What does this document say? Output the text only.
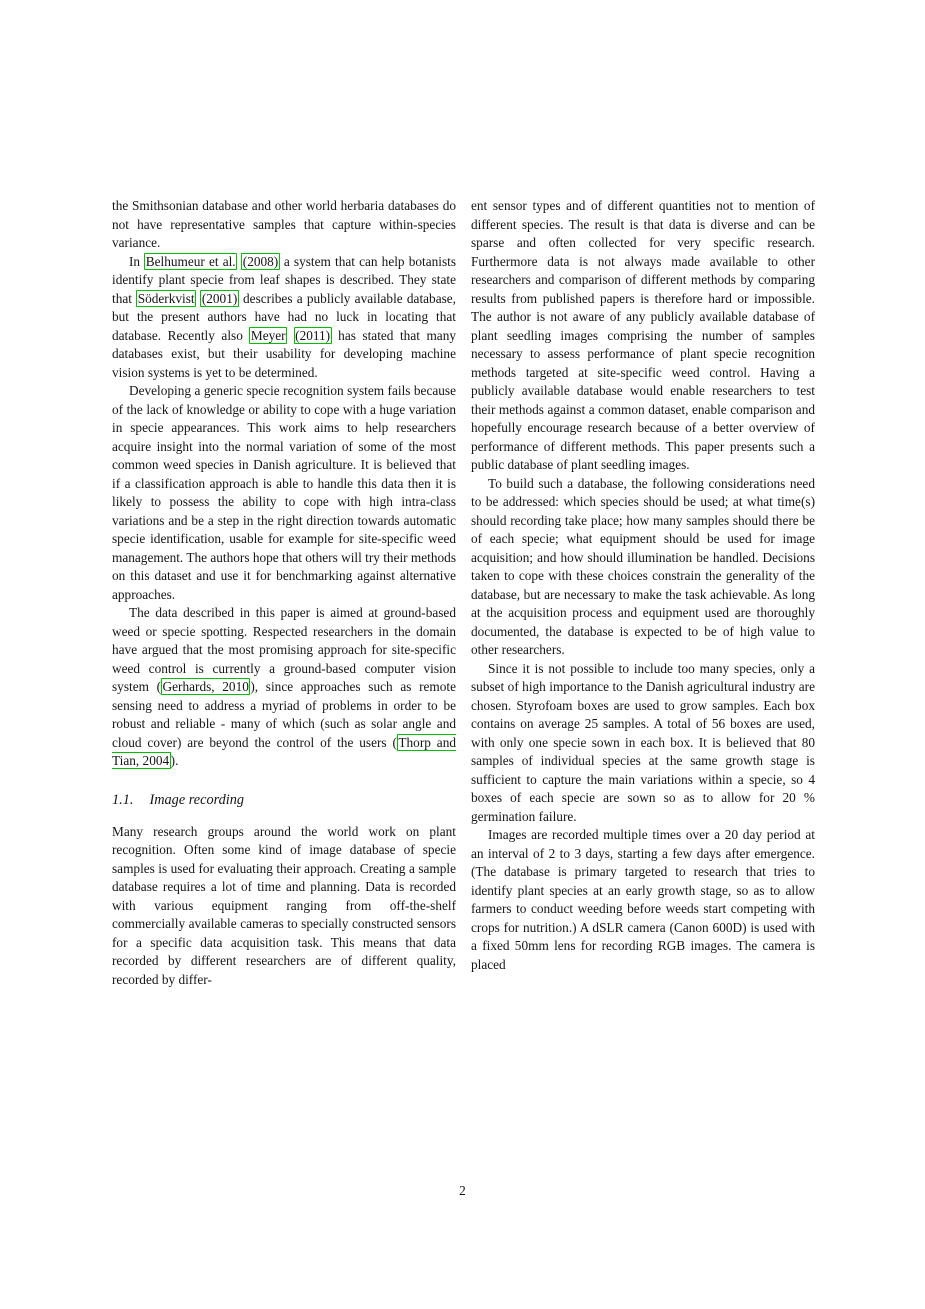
the Smithsonian database and other world herbaria databases do not have representative samples that capture within-species variance.

In Belhumeur et al. (2008) a system that can help botanists identify plant specie from leaf shapes is described. They state that Söderkvist (2001) describes a publicly available database, but the present authors have had no luck in locating that database. Recently also Meyer (2011) has stated that many databases exist, but their usability for developing machine vision systems is yet to be determined.

Developing a generic specie recognition system fails because of the lack of knowledge or ability to cope with a huge variation in specie appearances. This work aims to help researchers acquire insight into the normal variation of some of the most common weed species in Danish agriculture. It is believed that if a classification approach is able to handle this data then it is likely to possess the ability to cope with high intra-class variations and be a step in the right direction towards automatic specie identification, usable for example for site-specific weed management. The authors hope that others will try their methods on this dataset and use it for benchmarking against alternative approaches.

The data described in this paper is aimed at ground-based weed or specie spotting. Respected researchers in the domain have argued that the most promising approach for site-specific weed control is currently a ground-based computer vision system ( Gerhards, 2010 ), since approaches such as remote sensing need to address a myriad of problems in order to be robust and reliable - many of which (such as solar angle and cloud cover) are beyond the control of the users ( Thorp and Tian, 2004 ).

1.1. Image recording

Many research groups around the world work on plant recognition. Often some kind of image database of specie samples is used for evaluating their approach. Creating a sample database requires a lot of time and planning. Data is recorded with various equipment ranging from off-the-shelf commercially available cameras to specially constructed sensors for a specific data acquisition task. This means that data recorded by different researchers are of different quality, recorded by differ-

ent sensor types and of different quantities not to mention of different species. The result is that data is diverse and can be sparse and often collected for very specific research. Furthermore data is not always made available to other researchers and comparison of different methods by comparing results from published papers is therefore hard or impossible. The author is not aware of any publicly available database of plant seedling images comprising the number of samples necessary to assess performance of plant specie recognition methods targeted at site-specific weed control. Having a publicly available database would enable researchers to test their methods against a common dataset, enable comparison and hopefully encourage research because of a better overview of performance of different methods. This paper presents such a public database of plant seedling images.

To build such a database, the following considerations need to be addressed: which species should be used; at what time(s) should recording take place; how many samples should there be of each specie; what equipment should be used for image acquisition; and how should illumination be handled. Decisions taken to cope with these choices constrain the generality of the database, but are necessary to make the task achievable. As long at the acquisition process and equipment used are thoroughly documented, the database is expected to be of high value to other researchers.

Since it is not possible to include too many species, only a subset of high importance to the Danish agricultural industry are chosen. Styrofoam boxes are used to grow samples. Each box contains on average 25 samples. A total of 56 boxes are used, with only one specie sown in each box. It is believed that 80 samples of individual species at the same growth stage is sufficient to capture the main variations within a specie, so 4 boxes of each specie are sown so as to allow for 20 % germination failure.

Images are recorded multiple times over a 20 day period at an interval of 2 to 3 days, starting a few days after emergence. (The database is primary targeted to research that tries to identify plant species at an early growth stage, so as to allow farmers to conduct weeding before weeds start competing with crops for nutrition.) A dSLR camera (Canon 600D) is used with a fixed 50mm lens for recording RGB images. The camera is placed

2
